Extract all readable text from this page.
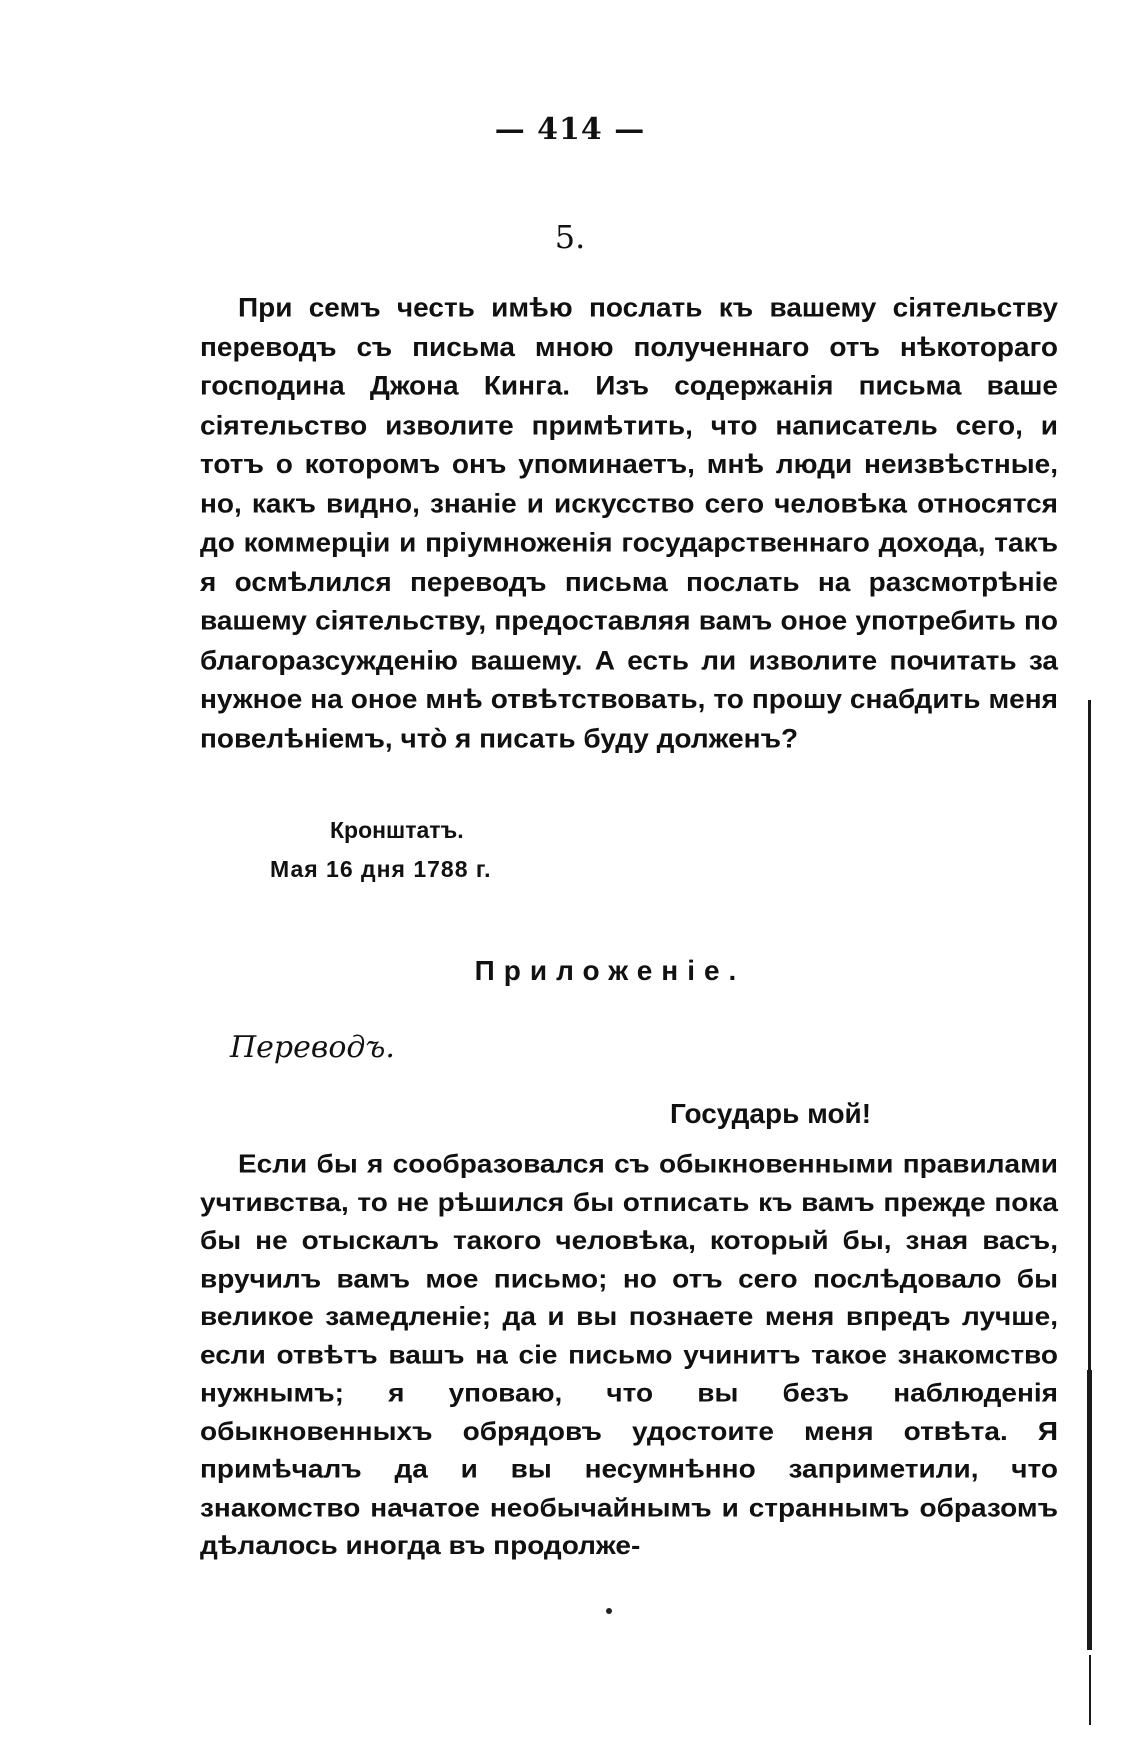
— 414 —
5.
При семъ честь имѣю послать къ вашему сіятельству переводъ съ письма мною полученнаго отъ нѣкотораго господина Джона Кинга. Изъ содержанія письма ваше сіятельство изволите примѣтить, что написатель сего, и тотъ о которомъ онъ упоминаетъ, мнѣ люди неизвѣстные, но, какъ видно, знаніе и искусство сего человѣка относятся до коммерціи и пріумноженія государственнаго дохода, такъ я осмѣлился переводъ письма послать на разсмотрѣніе вашему сіятельству, предоставляя вамъ оное употребить по благоразсужденію вашему. А есть ли изволите почитать за нужное на оное мнѣ отвѣтствовать, то прошу снабдить меня повелѣніемъ, что̀ я писать буду долженъ?
Кронштатъ.
Мая 16 дня 1788 г.
Приложеніе.
Переводъ.
Государь мой!
Если бы я сообразовался съ обыкновенными правилами учтивства, то не рѣшился бы отписать къ вамъ прежде пока бы не отыскалъ такого человѣка, который бы, зная васъ, вручилъ вамъ мое письмо; но отъ сего послѣдовало бы великое замедленіе; да и вы познаете меня впредъ лучше, если отвѣтъ вашъ на сіе письмо учинитъ такое знакомство нужнымъ; я уповаю, что вы безъ наблюденія обыкновенныхъ обрядовъ удостоите меня отвѣта. Я примѣчалъ да и вы несумнѣнно заприметили, что знакомство начатое необычайнымъ и страннымъ образомъ дѣлалось иногда въ продолже-
